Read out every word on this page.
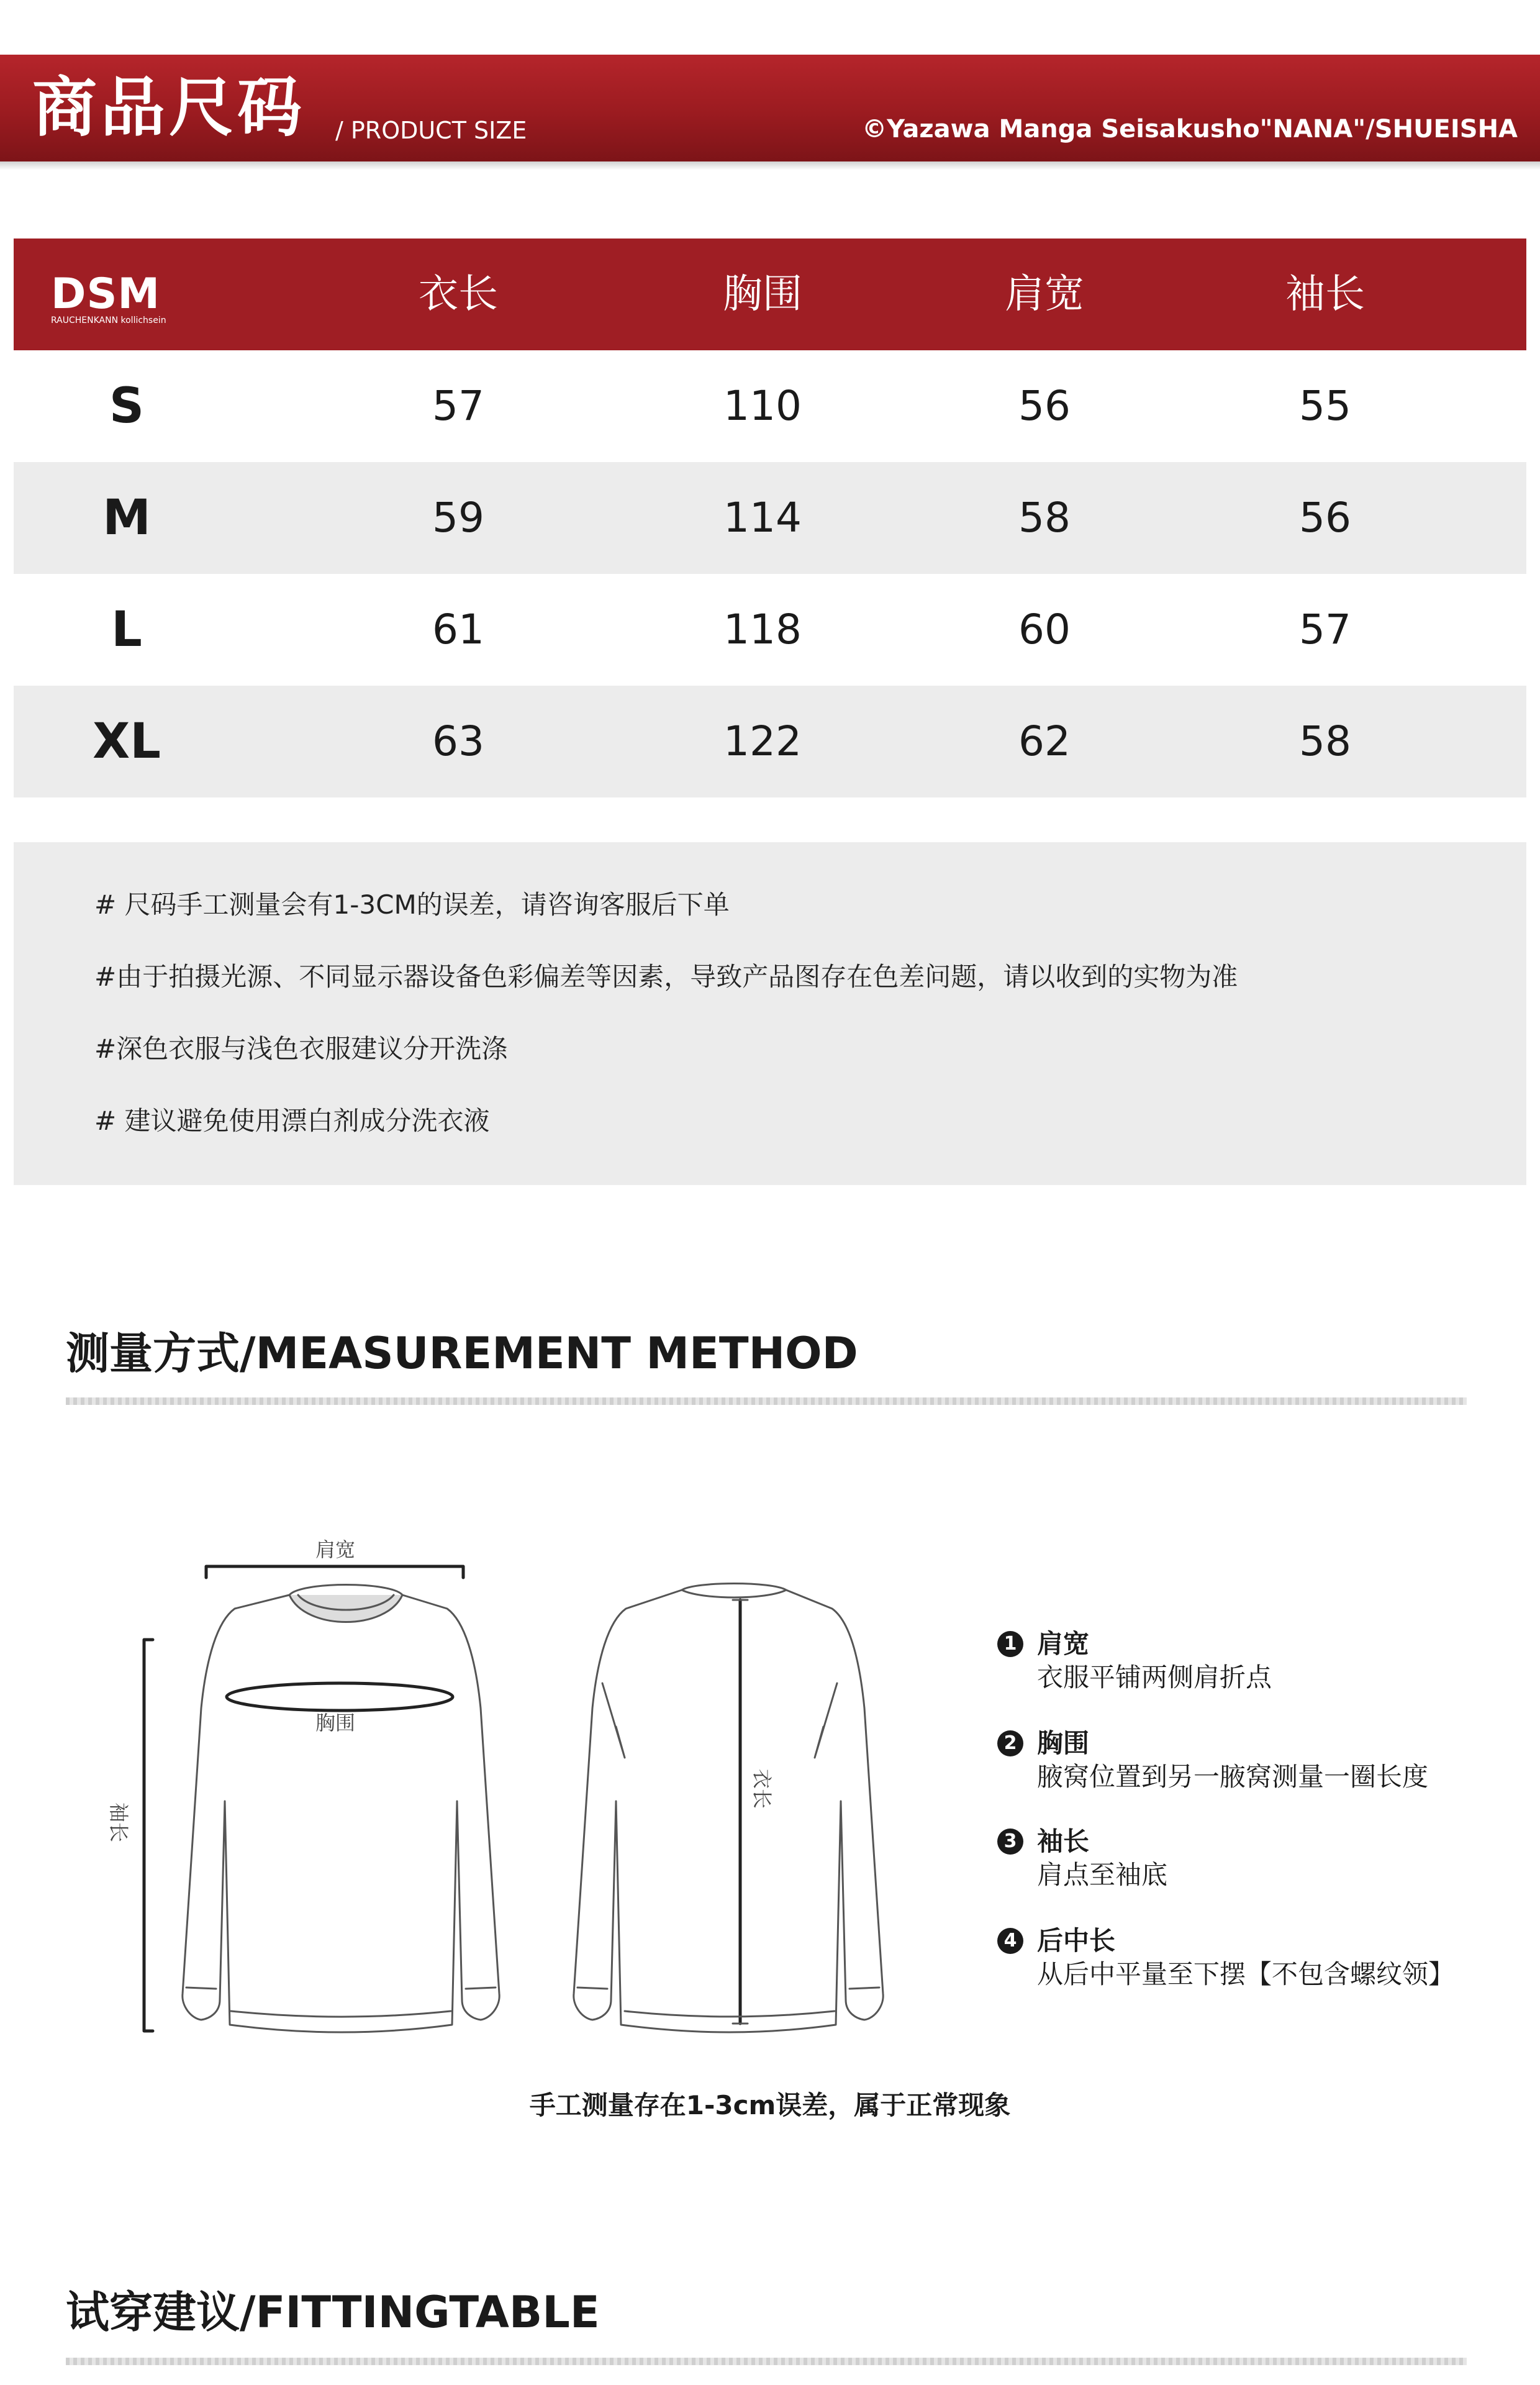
商品尺码 / PRODUCT SIZE	©Yazawa Manga Seisakusho"NANA"/SHUEISHA
DSM
RAUCHENKANN kollichsein
衣长	胸围	肩宽	袖长
S	57	110	56	55
M	59	114	58	56
L	61	118	60	57
XL	63	122	62	58
# 尺码手工测量会有1-3CM的误差，请咨询客服后下单
#由于拍摄光源、不同显示器设备色彩偏差等因素，导致产品图存在色差问题，请以收到的实物为准
#深色衣服与浅色衣服建议分开洗涤
# 建议避免使用漂白剂成分洗衣液
测量方式/MEASUREMENT METHOD
肩宽
胸围
袖长
衣长
1 肩宽
衣服平铺两侧肩折点
2 胸围
腋窝位置到另一腋窝测量一圈长度
3 袖长
肩点至袖底
4 后中长
从后中平量至下摆【不包含螺纹领】
手工测量存在1-3cm误差，属于正常现象
试穿建议/FITTINGTABLE
